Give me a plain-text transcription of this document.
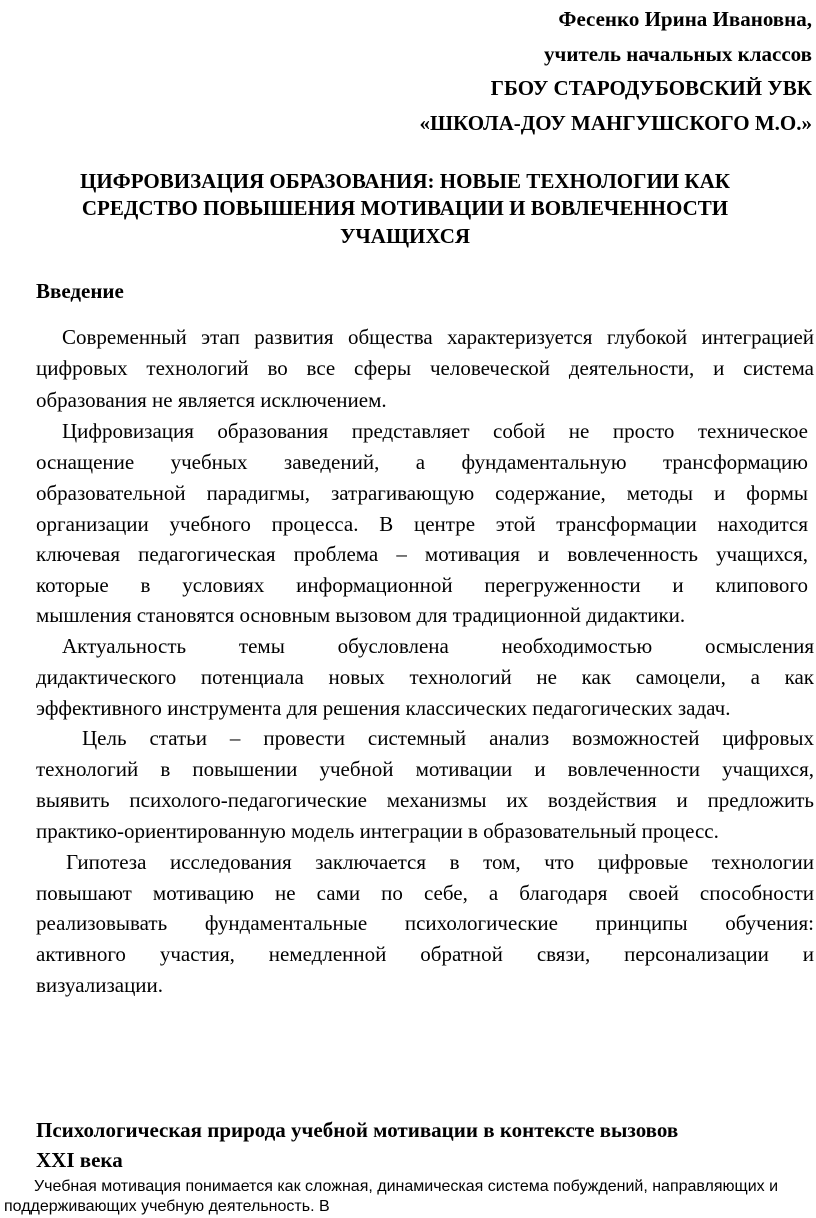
Фесенко Ирина Ивановна,
учитель начальных классов
ГБОУ СТАРОДУБОВСКИЙ УВК
«ШКОЛА-ДОУ МАНГУШСКОГО М.О.»
ЦИФРОВИЗАЦИЯ ОБРАЗОВАНИЯ: НОВЫЕ ТЕХНОЛОГИИ КАК
СРЕДСТВО ПОВЫШЕНИЯ МОТИВАЦИИ И ВОВЛЕЧЕННОСТИ
УЧАЩИХСЯ
Введение
Современный этап развития общества характеризуется глубокой интеграцией
цифровых технологий во все сферы человеческой деятельности, и система
образования не является исключением.
Цифровизация образования представляет собой не просто техническое
оснащение учебных заведений, а фундаментальную трансформацию
образовательной парадигмы, затрагивающую содержание, методы и формы
организации учебного процесса. В центре этой трансформации находится
ключевая педагогическая проблема – мотивация и вовлеченность учащихся,
которые в условиях информационной перегруженности и клипового
мышления становятся основным вызовом для традиционной дидактики.
Актуальность темы обусловлена необходимостью осмысления
дидактического потенциала новых технологий не как самоцели, а как
эффективного инструмента для решения классических педагогических задач.
Цель статьи – провести системный анализ возможностей цифровых
технологий в повышении учебной мотивации и вовлеченности учащихся,
выявить психолого-педагогические механизмы их воздействия и предложить
практико-ориентированную модель интеграции в образовательный процесс.
Гипотеза исследования заключается в том, что цифровые технологии
повышают мотивацию не сами по себе, а благодаря своей способности
реализовывать фундаментальные психологические принципы обучения:
активного участия, немедленной обратной связи, персонализации и
визуализации.
Психологическая природа учебной мотивации в контексте вызовов
XXI века
Учебная мотивация понимается как сложная, динамическая система побуждений, направляющих и
поддерживающих учебную деятельность. В
